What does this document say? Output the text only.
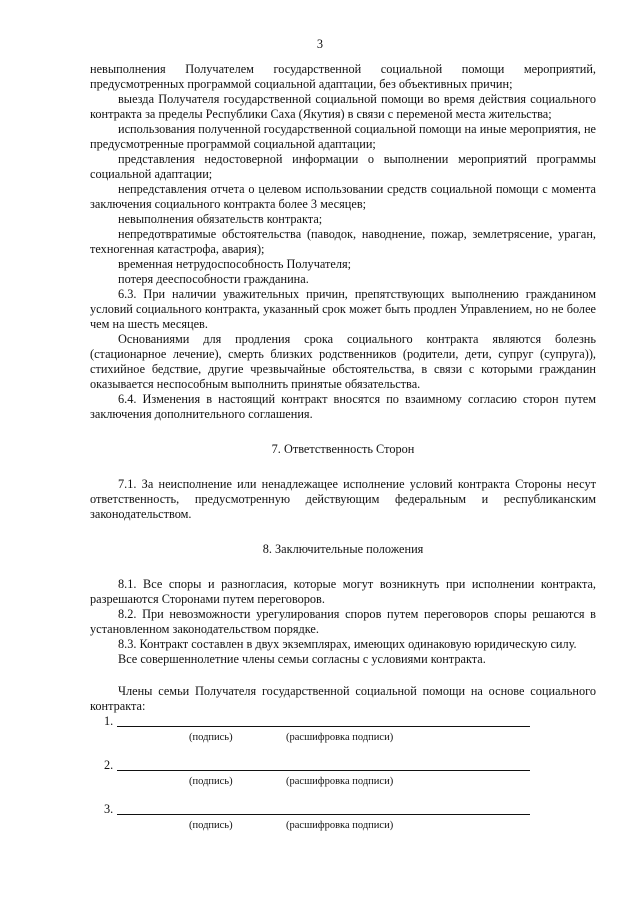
3

невыполнения Получателем государственной социальной помощи мероприятий, предусмотренных программой социальной адаптации, без объективных причин;

выезда Получателя государственной социальной помощи во время действия социального контракта за пределы Республики Саха (Якутия) в связи с переменой места жительства;

использования полученной государственной социальной помощи на иные мероприятия, не предусмотренные программой социальной адаптации;

представления недостоверной информации о выполнении мероприятий программы социальной адаптации;

непредставления отчета о целевом использовании средств социальной помощи с момента заключения социального контракта более 3 месяцев;

невыполнения обязательств контракта;

непредотвратимые обстоятельства (паводок, наводнение, пожар, землетрясение, ураган, техногенная катастрофа, авария);

временная нетрудоспособность Получателя;

потеря дееспособности гражданина.

6.3. При наличии уважительных причин, препятствующих выполнению гражданином условий социального контракта, указанный срок может быть продлен Управлением, но не более чем на шесть месяцев.

Основаниями для продления срока социального контракта являются болезнь (стационарное лечение), смерть близких родственников (родители, дети, супруг (супруга)), стихийное бедствие, другие чрезвычайные обстоятельства, в связи с которыми гражданин оказывается неспособным выполнить принятые обязательства.

6.4. Изменения в настоящий контракт вносятся по взаимному согласию сторон путем заключения дополнительного соглашения.

7. Ответственность Сторон

7.1. За неисполнение или ненадлежащее исполнение условий контракта Стороны несут ответственность, предусмотренную действующим федеральным и республиканским законодательством.

8. Заключительные положения

8.1. Все споры и разногласия, которые могут возникнуть при исполнении контракта, разрешаются Сторонами путем переговоров.

8.2. При невозможности урегулирования споров путем переговоров споры решаются в установленном законодательством порядке.

8.3. Контракт составлен в двух экземплярах, имеющих одинаковую юридическую силу.

Все совершеннолетние члены семьи согласны с условиями контракта.

Члены семьи Получателя государственной социальной помощи на основе социального контракта:

1.
(подпись)	(расшифровка подписи)
2.
(подпись)	(расшифровка подписи)
3.
(подпись)	(расшифровка подписи)
